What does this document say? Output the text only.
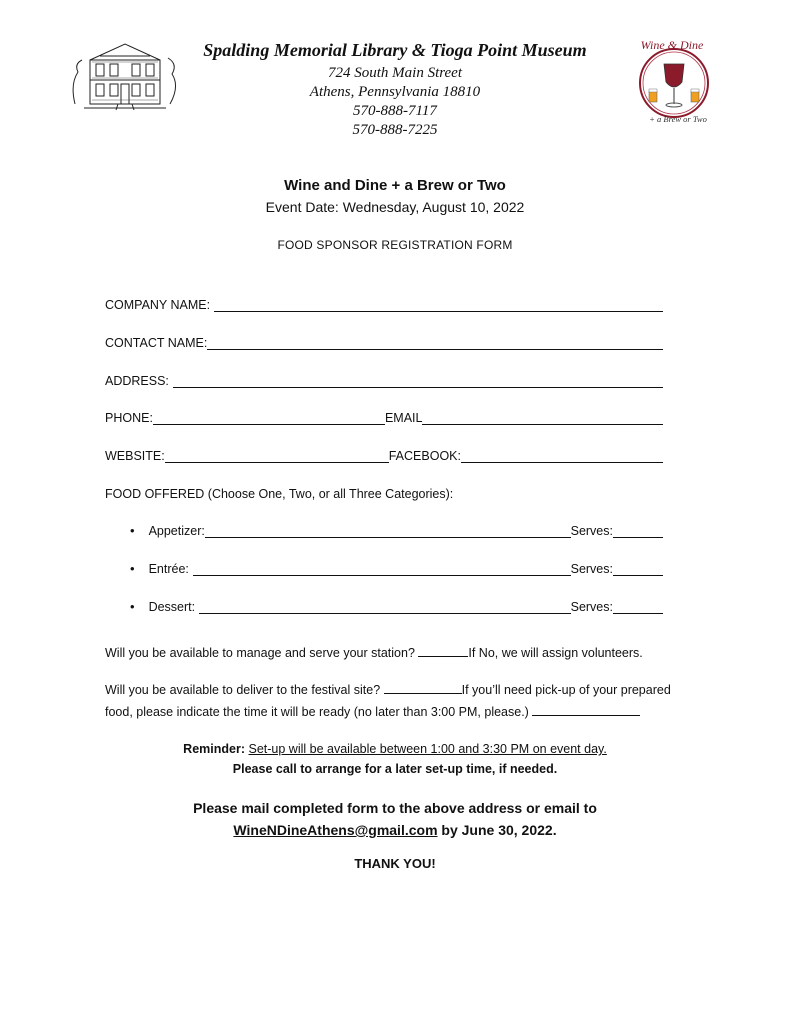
Wine & Dine
+ a Brew or Two
Spalding Memorial Library & Tioga Point Museum
724 South Main Street
Athens, Pennsylvania 18810
570-888-7117
570-888-7225
Wine and Dine + a Brew or Two
Event Date: Wednesday, August 10, 2022
FOOD SPONSOR REGISTRATION FORM
COMPANY NAME:
CONTACT NAME:
ADDRESS:
PHONE:	EMAIL
WEBSITE:	FACEBOOK:
FOOD OFFERED (Choose One, Two, or all Three Categories):
• Appetizer:	Serves:
• Entrée:	Serves:
• Dessert:	Serves:
Will you be available to manage and serve your station?	If No, we will assign volunteers.
Will you be available to deliver to the festival site?	If you’ll need pick-up of your prepared
food, please indicate the time it will be ready (no later than 3:00 PM, please.)
Reminder: Set-up will be available between 1:00 and 3:30 PM on event day.
Please call to arrange for a later set-up time, if needed.
Please mail completed form to the above address or email to
WineNDineAthens@gmail.com by June 30, 2022.
THANK YOU!
